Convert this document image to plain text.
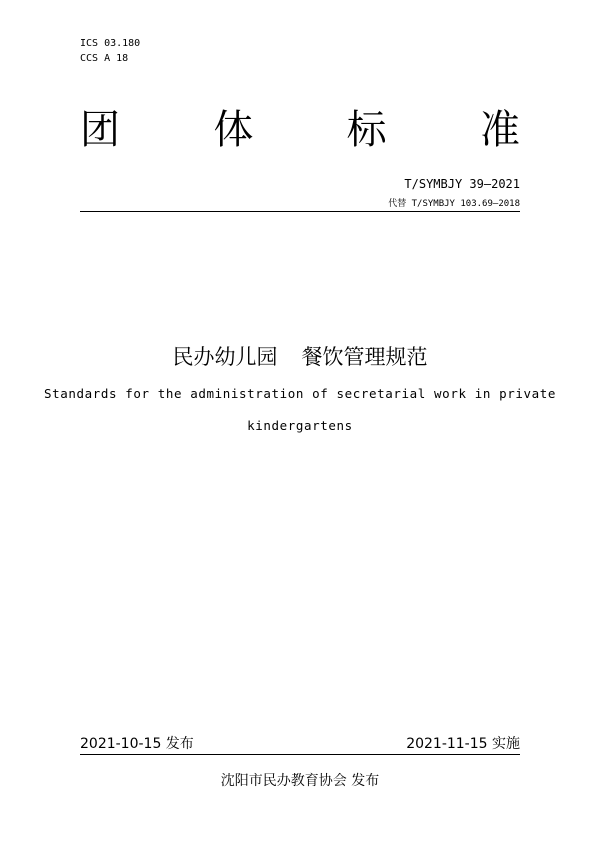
ICS 03.180
CCS A 18
团 体 标 准
T/SYMBJY 39—2021
代替 T/SYMBJY 103.69—2018
民办幼儿园 餐饮管理规范
Standards for the administration of secretarial work in private
kindergartens
2021-10-15 发布	2021-11-15 实施
沈阳市民办教育协会 发布
